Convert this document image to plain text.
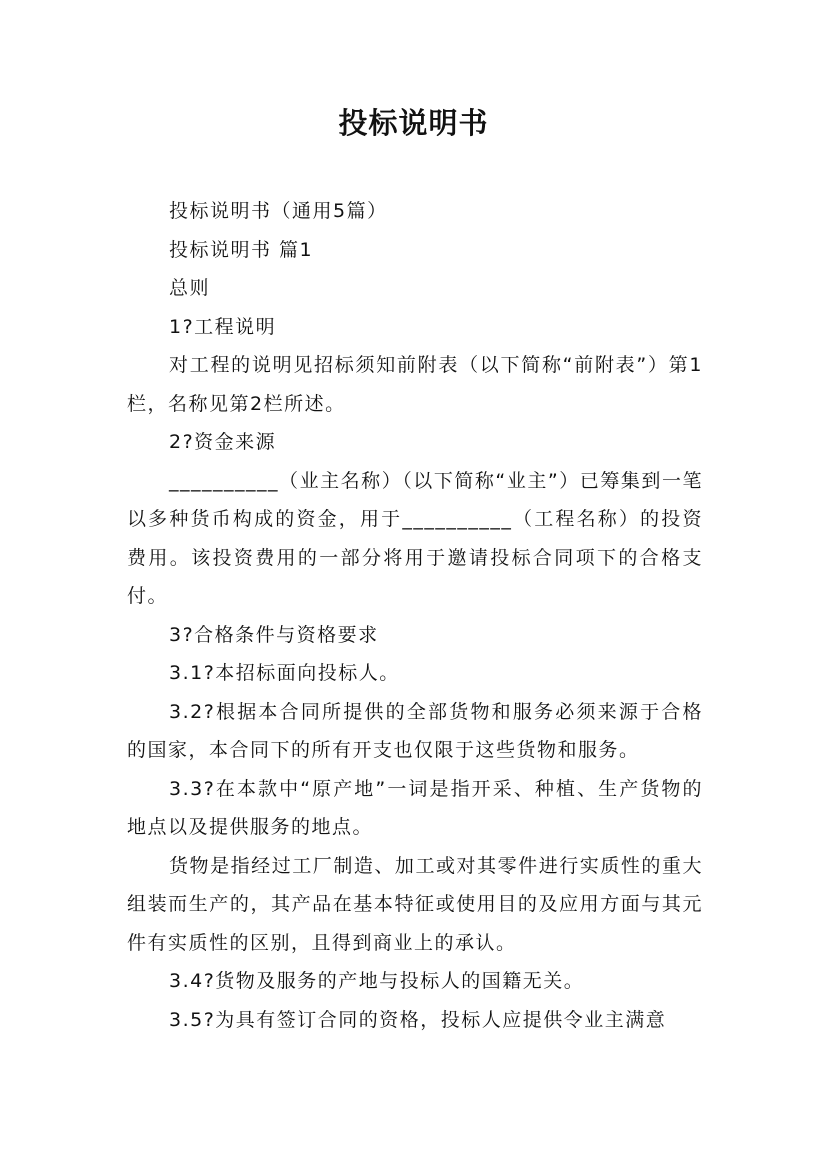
投标说明书

投标说明书（通用5篇）

投标说明书 篇1

总则

1?工程说明

对工程的说明见招标须知前附表（以下简称“前附表”）第1栏，名称见第2栏所述。

2?资金来源

__________（业主名称）（以下简称“业主”）已筹集到一笔以多种货币构成的资金，用于__________（工程名称）的投资费用。该投资费用的一部分将用于邀请投标合同项下的合格支付。

3?合格条件与资格要求

3.1?本招标面向投标人。

3.2?根据本合同所提供的全部货物和服务必须来源于合格的国家，本合同下的所有开支也仅限于这些货物和服务。

3.3?在本款中“原产地”一词是指开采、种植、生产货物的地点以及提供服务的地点。

货物是指经过工厂制造、加工或对其零件进行实质性的重大组装而生产的，其产品在基本特征或使用目的及应用方面与其元件有实质性的区别，且得到商业上的承认。

3.4?货物及服务的产地与投标人的国籍无关。

3.5?为具有签订合同的资格，投标人应提供令业主满意
